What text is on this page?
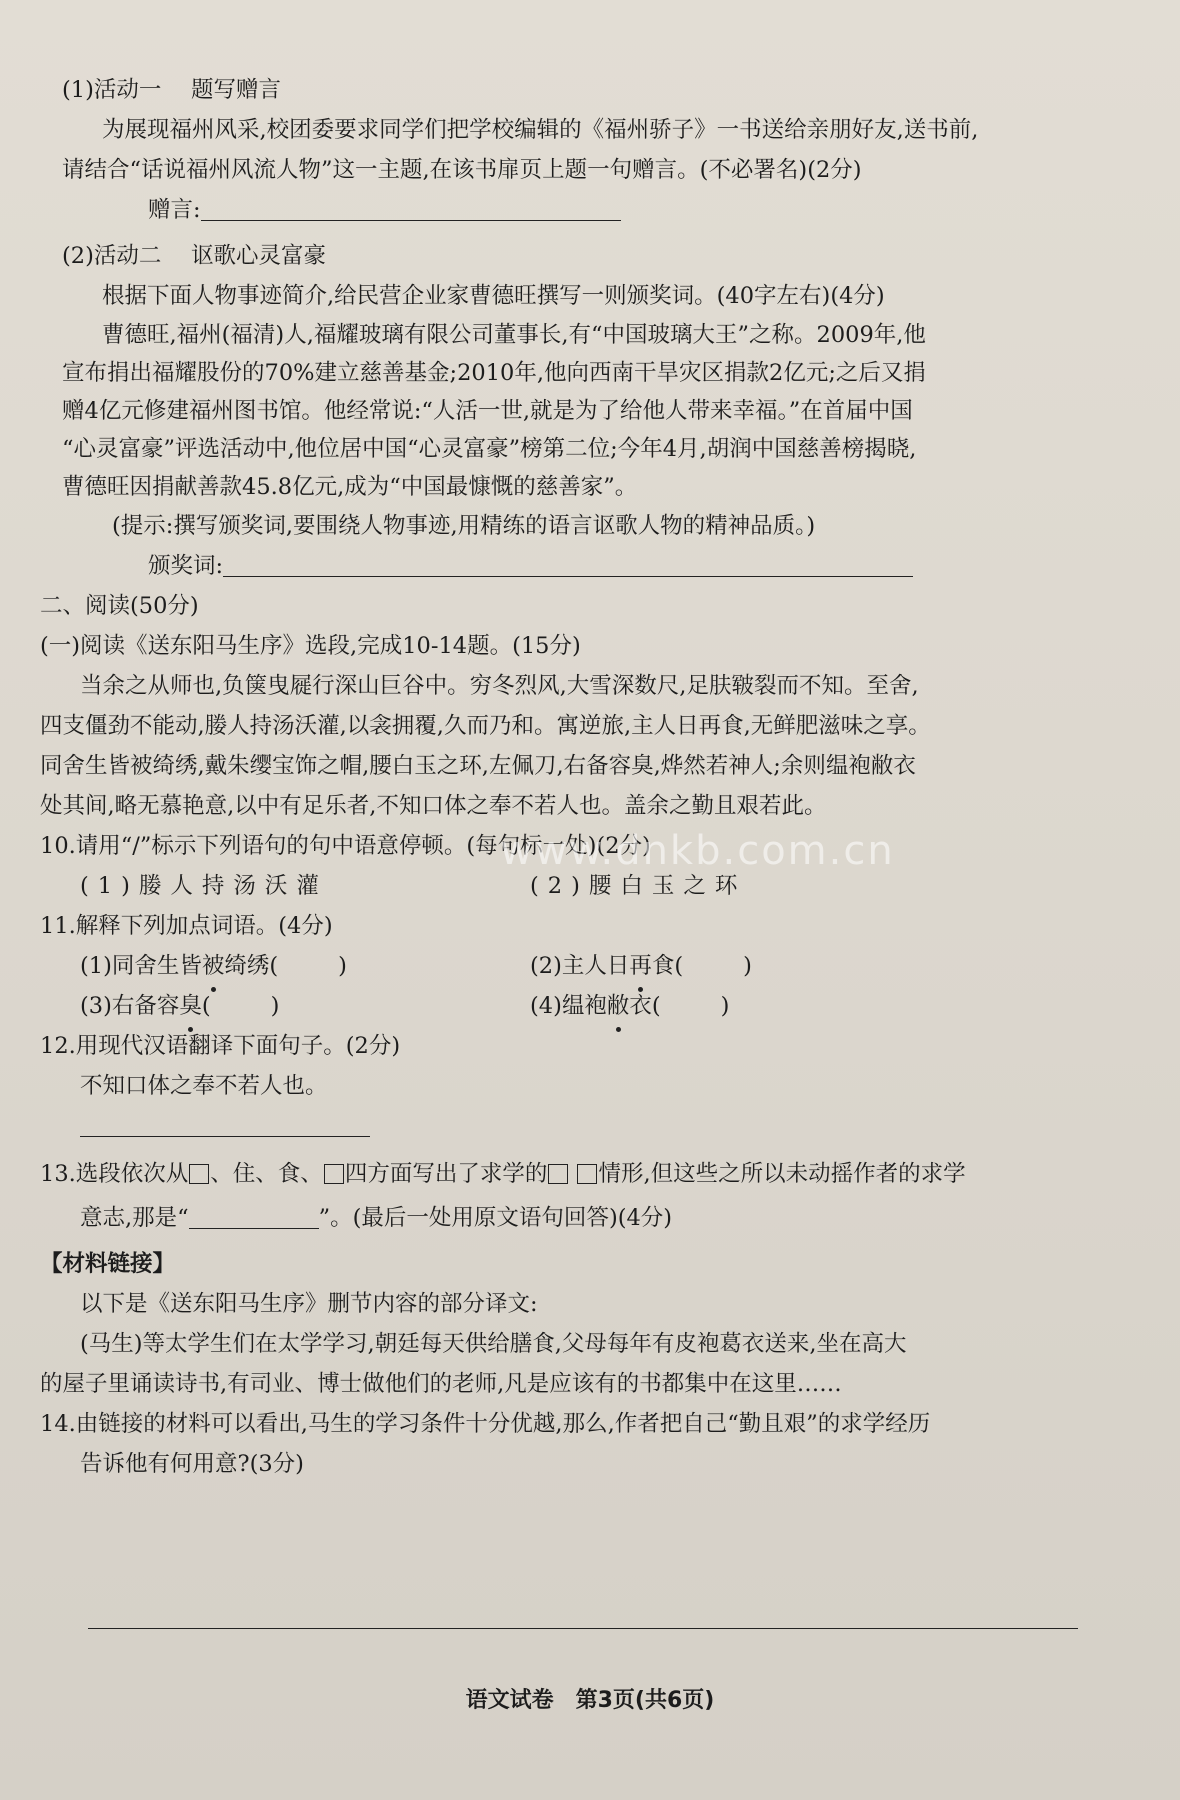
(1)活动一　 题写赠言
为展现福州风采,校团委要求同学们把学校编辑的《福州骄子》一书送给亲朋好友,送书前,
请结合“话说福州风流人物”这一主题,在该书扉页上题一句赠言。(不必署名)(2分)
赠言:
(2)活动二　 讴歌心灵富豪
根据下面人物事迹简介,给民营企业家曹德旺撰写一则颁奖词。(40字左右)(4分)
曹德旺,福州(福清)人,福耀玻璃有限公司董事长,有“中国玻璃大王”之称。2009年,他
宣布捐出福耀股份的70%建立慈善基金;2010年,他向西南干旱灾区捐款2亿元;之后又捐
赠4亿元修建福州图书馆。他经常说:“人活一世,就是为了给他人带来幸福。”在首届中国
“心灵富豪”评选活动中,他位居中国“心灵富豪”榜第二位;今年4月,胡润中国慈善榜揭晓,
曹德旺因捐献善款45.8亿元,成为“中国最慷慨的慈善家”。
(提示:撰写颁奖词,要围绕人物事迹,用精练的语言讴歌人物的精神品质。)
颁奖词:
二、阅读(50分)
(一)阅读《送东阳马生序》选段,完成10-14题。(15分)
当余之从师也,负箧曳屣行深山巨谷中。穷冬烈风,大雪深数尺,足肤皲裂而不知。至舍,
四支僵劲不能动,媵人持汤沃灌,以衾拥覆,久而乃和。寓逆旅,主人日再食,无鲜肥滋味之享。
同舍生皆被绮绣,戴朱缨宝饰之帽,腰白玉之环,左佩刀,右备容臭,烨然若神人;余则缊袍敝衣
处其间,略无慕艳意,以中有足乐者,不知口体之奉不若人也。盖余之勤且艰若此。
10.请用“/”标示下列语句的句中语意停顿。(每句标一处)(2分)
(1)媵人持汤沃灌	(2)腰白玉之环
11.解释下列加点词语。(4分)
(1)同舍生皆被绮绣(	)	(2)主人日再食(	)
(3)右备容臭(	)	(4)缊袍敝衣(	)
12.用现代汉语翻译下面句子。(2分)
不知口体之奉不若人也。
13.选段依次从 、住、食、 四方面写出了求学的 情形,但这些之所以未动摇作者的求学
意志,那是“	”。(最后一处用原文语句回答)(4分)
【材料链接】
以下是《送东阳马生序》删节内容的部分译文:
(马生)等太学生们在太学学习,朝廷每天供给膳食,父母每年有皮袍葛衣送来,坐在高大
的屋子里诵读诗书,有司业、博士做他们的老师,凡是应该有的书都集中在这里……
14.由链接的材料可以看出,马生的学习条件十分优越,那么,作者把自己“勤且艰”的求学经历
告诉他有何用意?(3分)
www.dnkb.com.cn
语文试卷　第3页(共6页)
